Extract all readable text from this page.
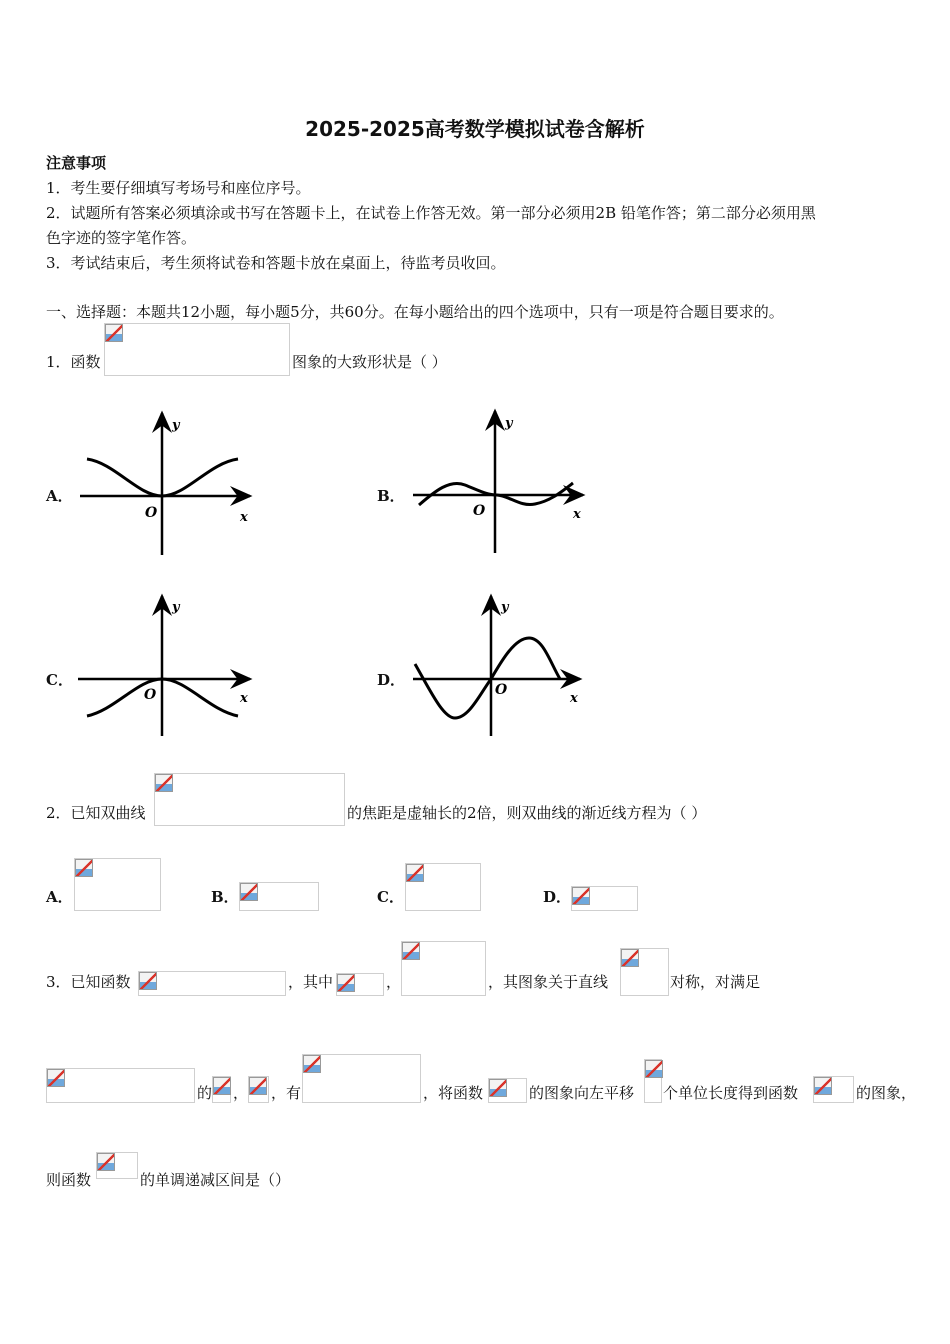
2025-2025高考数学模拟试卷含解析
注意事项
1．考生要仔细填写考场号和座位序号。
2．试题所有答案必须填涂或书写在答题卡上，在试卷上作答无效。第一部分必须用2B 铅笔作答；第二部分必须用黑
色字迹的签字笔作答。
3．考试结束后，考生须将试卷和答题卡放在桌面上，待监考员收回。
一、选择题：本题共12小题，每小题5分，共60分。在每小题给出的四个选项中，只有一项是符合题目要求的。
1．函数	图象的大致形状是（ ）
A．
y
x
O
B．
y
x
O
C．
y
x
O
D．
y
x
O
2．已知双曲线	的焦距是虚轴长的2倍，则双曲线的渐近线方程为（ ）
A．	B．	C．	D．
3．已知函数	，其中	，	，其图象关于直线	对称，对满足
的 ， ，有	，将函数	的图象向左平移 个单位长度得到函数	的图象，
则函数	的单调递减区间是（）
